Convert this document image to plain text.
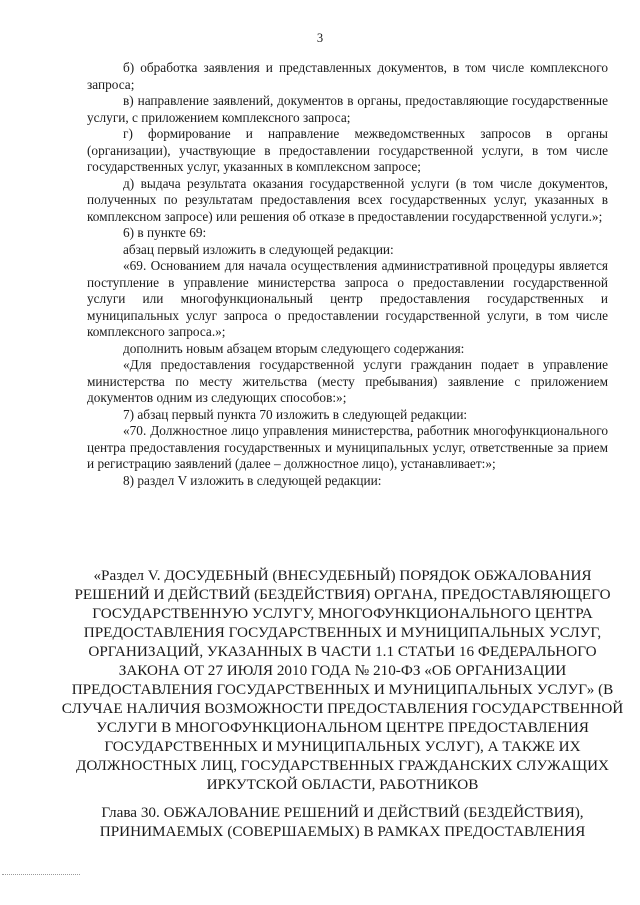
3

б) обработка заявления и представленных документов, в том числе комплексного запроса;

в) направление заявлений, документов в органы, предоставляющие государственные услуги, с приложением комплексного запроса;

г) формирование и направление межведомственных запросов в органы (организации), участвующие в предоставлении государственной услуги, в том числе государственных услуг, указанных в комплексном запросе;

д) выдача результата оказания государственной услуги (в том числе документов, полученных по результатам предоставления всех государственных услуг, указанных в комплексном запросе) или решения об отказе в предоставлении государственной услуги.»;

6) в пункте 69:

абзац первый изложить в следующей редакции:

«69. Основанием для начала осуществления административной процедуры является поступление в управление министерства запроса о предоставлении государственной услуги или многофункциональный центр предоставления государственных и муниципальных услуг запроса о предоставлении государственной услуги, в том числе комплексного запроса.»;

дополнить новым абзацем вторым следующего содержания:

«Для предоставления государственной услуги гражданин подает в управление министерства по месту жительства (месту пребывания) заявление с приложением документов одним из следующих способов:»;

7) абзац первый пункта 70 изложить в следующей редакции:

«70. Должностное лицо управления министерства, работник многофункционального центра предоставления государственных и муниципальных услуг, ответственные за прием и регистрацию заявлений (далее – должностное лицо), устанавливает:»;

8) раздел V изложить в следующей редакции:

«Раздел V. ДОСУДЕБНЫЙ (ВНЕСУДЕБНЫЙ) ПОРЯДОК ОБЖАЛОВАНИЯ РЕШЕНИЙ И ДЕЙСТВИЙ (БЕЗДЕЙСТВИЯ) ОРГАНА, ПРЕДОСТАВЛЯЮЩЕГО ГОСУДАРСТВЕННУЮ УСЛУГУ, МНОГОФУНКЦИОНАЛЬНОГО ЦЕНТРА ПРЕДОСТАВЛЕНИЯ ГОСУДАРСТВЕННЫХ И МУНИЦИПАЛЬНЫХ УСЛУГ, ОРГАНИЗАЦИЙ, УКАЗАННЫХ В ЧАСТИ 1.1 СТАТЬИ 16 ФЕДЕРАЛЬНОГО ЗАКОНА ОТ 27 ИЮЛЯ 2010 ГОДА № 210-ФЗ «ОБ ОРГАНИЗАЦИИ ПРЕДОСТАВЛЕНИЯ ГОСУДАРСТВЕННЫХ И МУНИЦИПАЛЬНЫХ УСЛУГ» (В СЛУЧАЕ НАЛИЧИЯ ВОЗМОЖНОСТИ ПРЕДОСТАВЛЕНИЯ ГОСУДАРСТВЕННОЙ УСЛУГИ В МНОГОФУНКЦИОНАЛЬНОМ ЦЕНТРЕ ПРЕДОСТАВЛЕНИЯ ГОСУДАРСТВЕННЫХ И МУНИЦИПАЛЬНЫХ УСЛУГ), А ТАКЖЕ ИХ ДОЛЖНОСТНЫХ ЛИЦ, ГОСУДАРСТВЕННЫХ ГРАЖДАНСКИХ СЛУЖАЩИХ ИРКУТСКОЙ ОБЛАСТИ, РАБОТНИКОВ

Глава 30. ОБЖАЛОВАНИЕ РЕШЕНИЙ И ДЕЙСТВИЙ (БЕЗДЕЙСТВИЯ), ПРИНИМАЕМЫХ (СОВЕРШАЕМЫХ) В РАМКАХ ПРЕДОСТАВЛЕНИЯ
